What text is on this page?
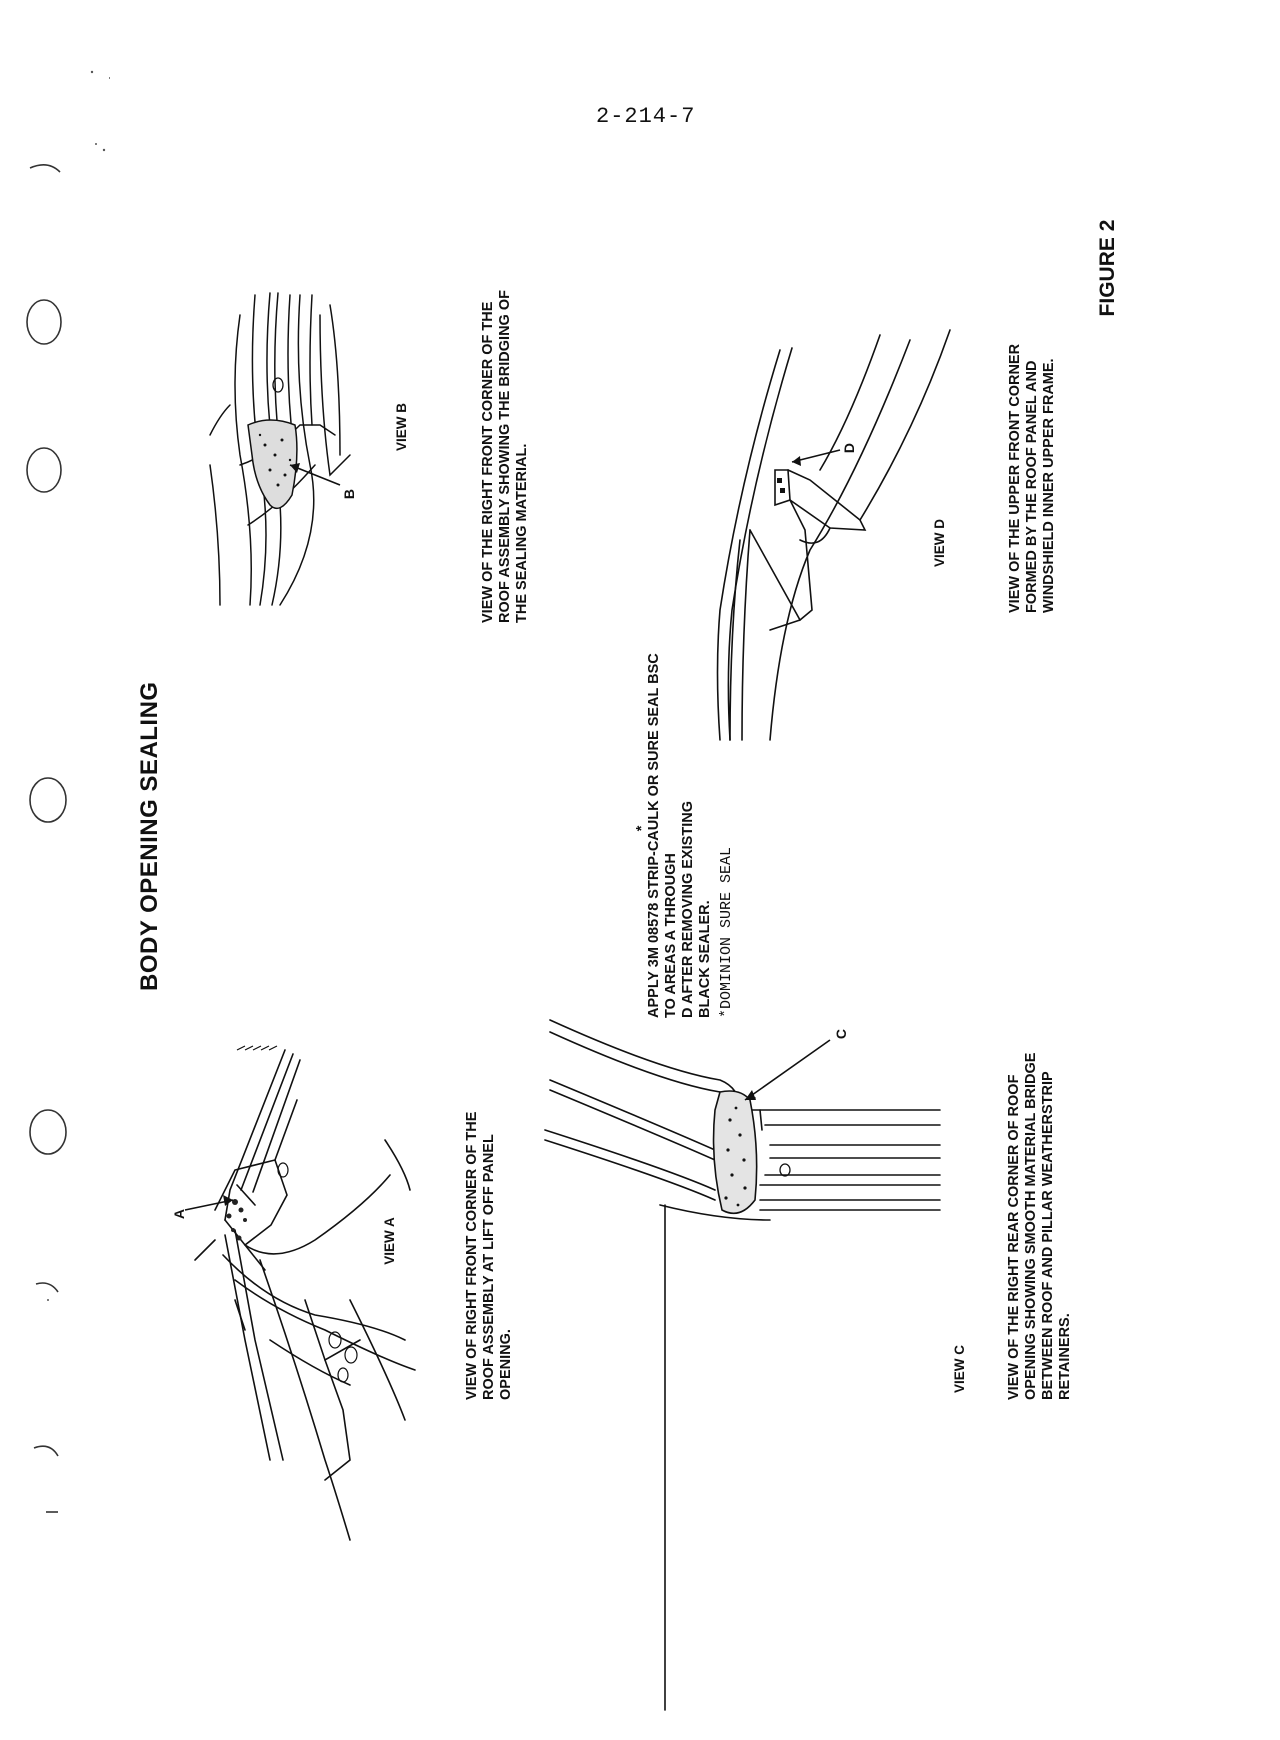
2-214-7
BODY OPENING SEALING
FIGURE 2
A
VIEW A	VIEW OF RIGHT FRONT CORNER OF THE ROOF ASSEMBLY AT LIFT OFF PANEL OPENING.
B
VIEW B	VIEW OF THE RIGHT FRONT CORNER OF THE ROOF ASSEMBLY SHOWING THE BRIDGING OF THE SEALING MATERIAL.
APPLY 3M 08578 STRIP-CAULK OR SURE SEAL BSC*
TO AREAS A THROUGH D AFTER REMOVING EXISTING BLACK SEALER. *DOMINION SURE SEAL
C
VIEW C	VIEW OF THE RIGHT REAR CORNER OF ROOF OPENING SHOWING SMOOTH MATERIAL BRIDGE BETWEEN ROOF AND PILLAR WEATHERSTRIP RETAINERS.
D
VIEW D	VIEW OF THE UPPER FRONT CORNER FORMED BY THE ROOF PANEL AND WINDSHIELD INNER UPPER FRAME.
